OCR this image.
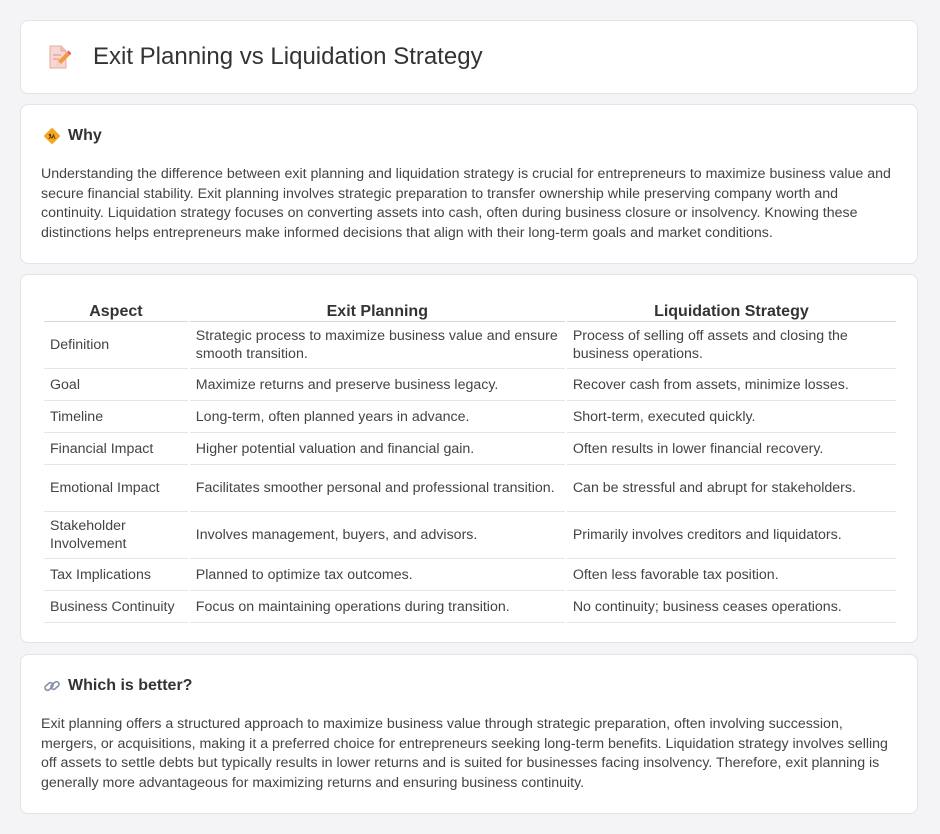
Exit Planning vs Liquidation Strategy
Why

Understanding the difference between exit planning and liquidation strategy is crucial for entrepreneurs to maximize business value and secure financial stability. Exit planning involves strategic preparation to transfer ownership while preserving company worth and continuity. Liquidation strategy focuses on converting assets into cash, often during business closure or insolvency. Knowing these distinctions helps entrepreneurs make informed decisions that align with their long-term goals and market conditions.

Aspect	Exit Planning	Liquidation Strategy
Definition	Strategic process to maximize business value and ensure smooth transition.	Process of selling off assets and closing the business operations.
Goal	Maximize returns and preserve business legacy.	Recover cash from assets, minimize losses.
Timeline	Long-term, often planned years in advance.	Short-term, executed quickly.
Financial Impact	Higher potential valuation and financial gain.	Often results in lower financial recovery.
Emotional Impact	Facilitates smoother personal and professional transition.	Can be stressful and abrupt for stakeholders.
Stakeholder Involvement	Involves management, buyers, and advisors.	Primarily involves creditors and liquidators.
Tax Implications	Planned to optimize tax outcomes.	Often less favorable tax position.
Business Continuity	Focus on maintaining operations during transition.	No continuity; business ceases operations.
Which is better?

Exit planning offers a structured approach to maximize business value through strategic preparation, often involving succession, mergers, or acquisitions, making it a preferred choice for entrepreneurs seeking long-term benefits. Liquidation strategy involves selling off assets to settle debts but typically results in lower returns and is suited for businesses facing insolvency. Therefore, exit planning is generally more advantageous for maximizing returns and ensuring business continuity.
